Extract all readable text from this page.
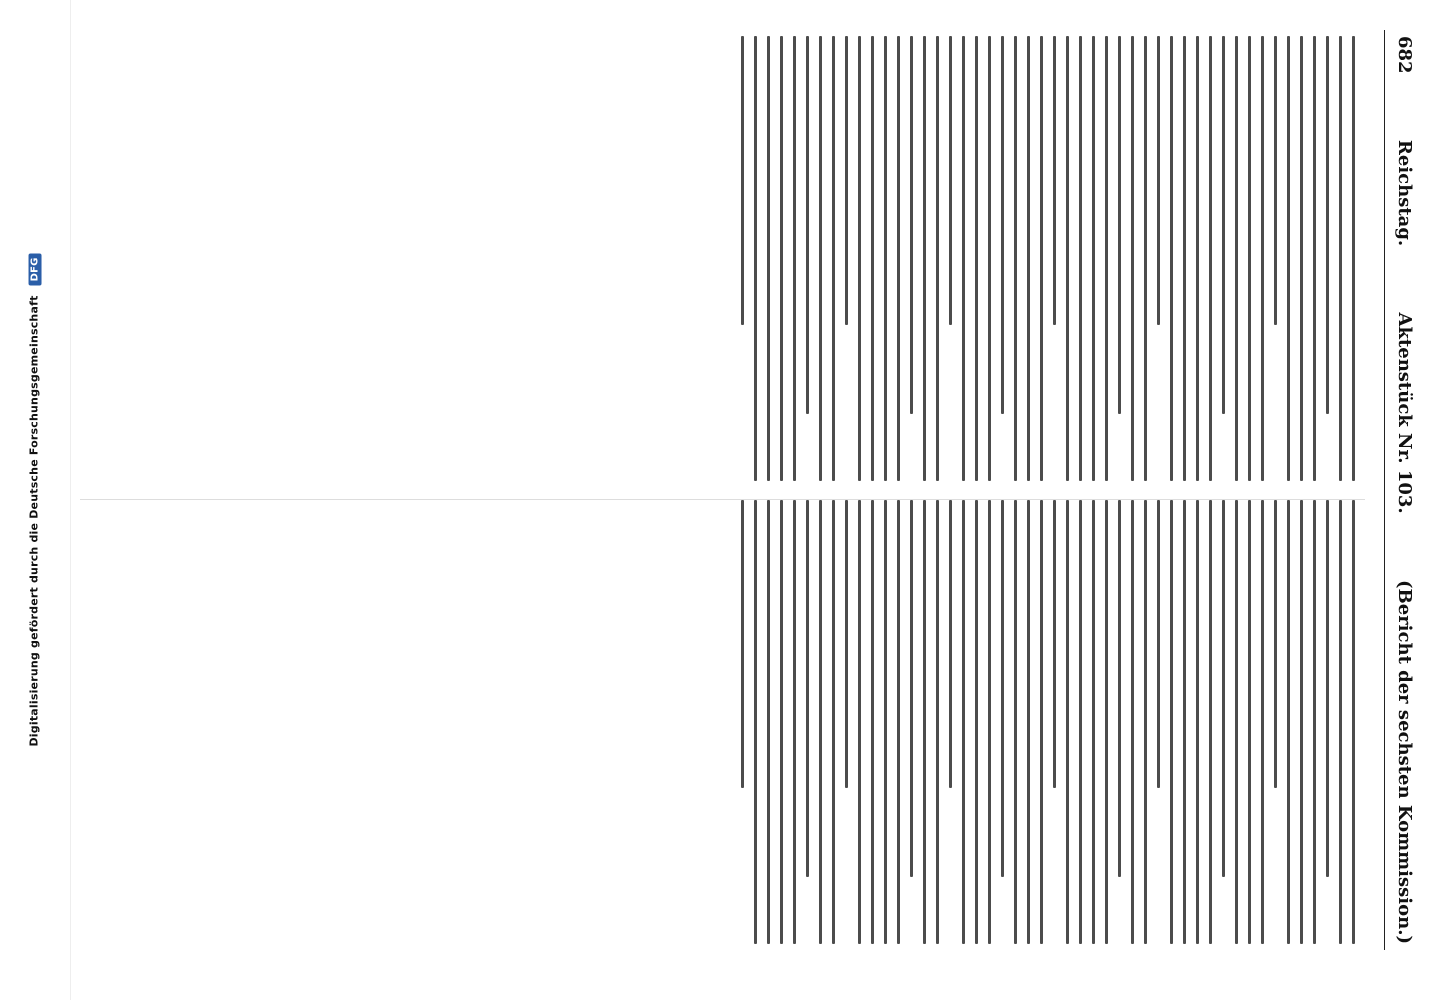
Digitalisierung gefördert durch die Deutsche Forschungsgemeinschaft DFG
682
Reichstag.
Aktenstück Nr. 103.
(Bericht der sechsten Kommission.)
